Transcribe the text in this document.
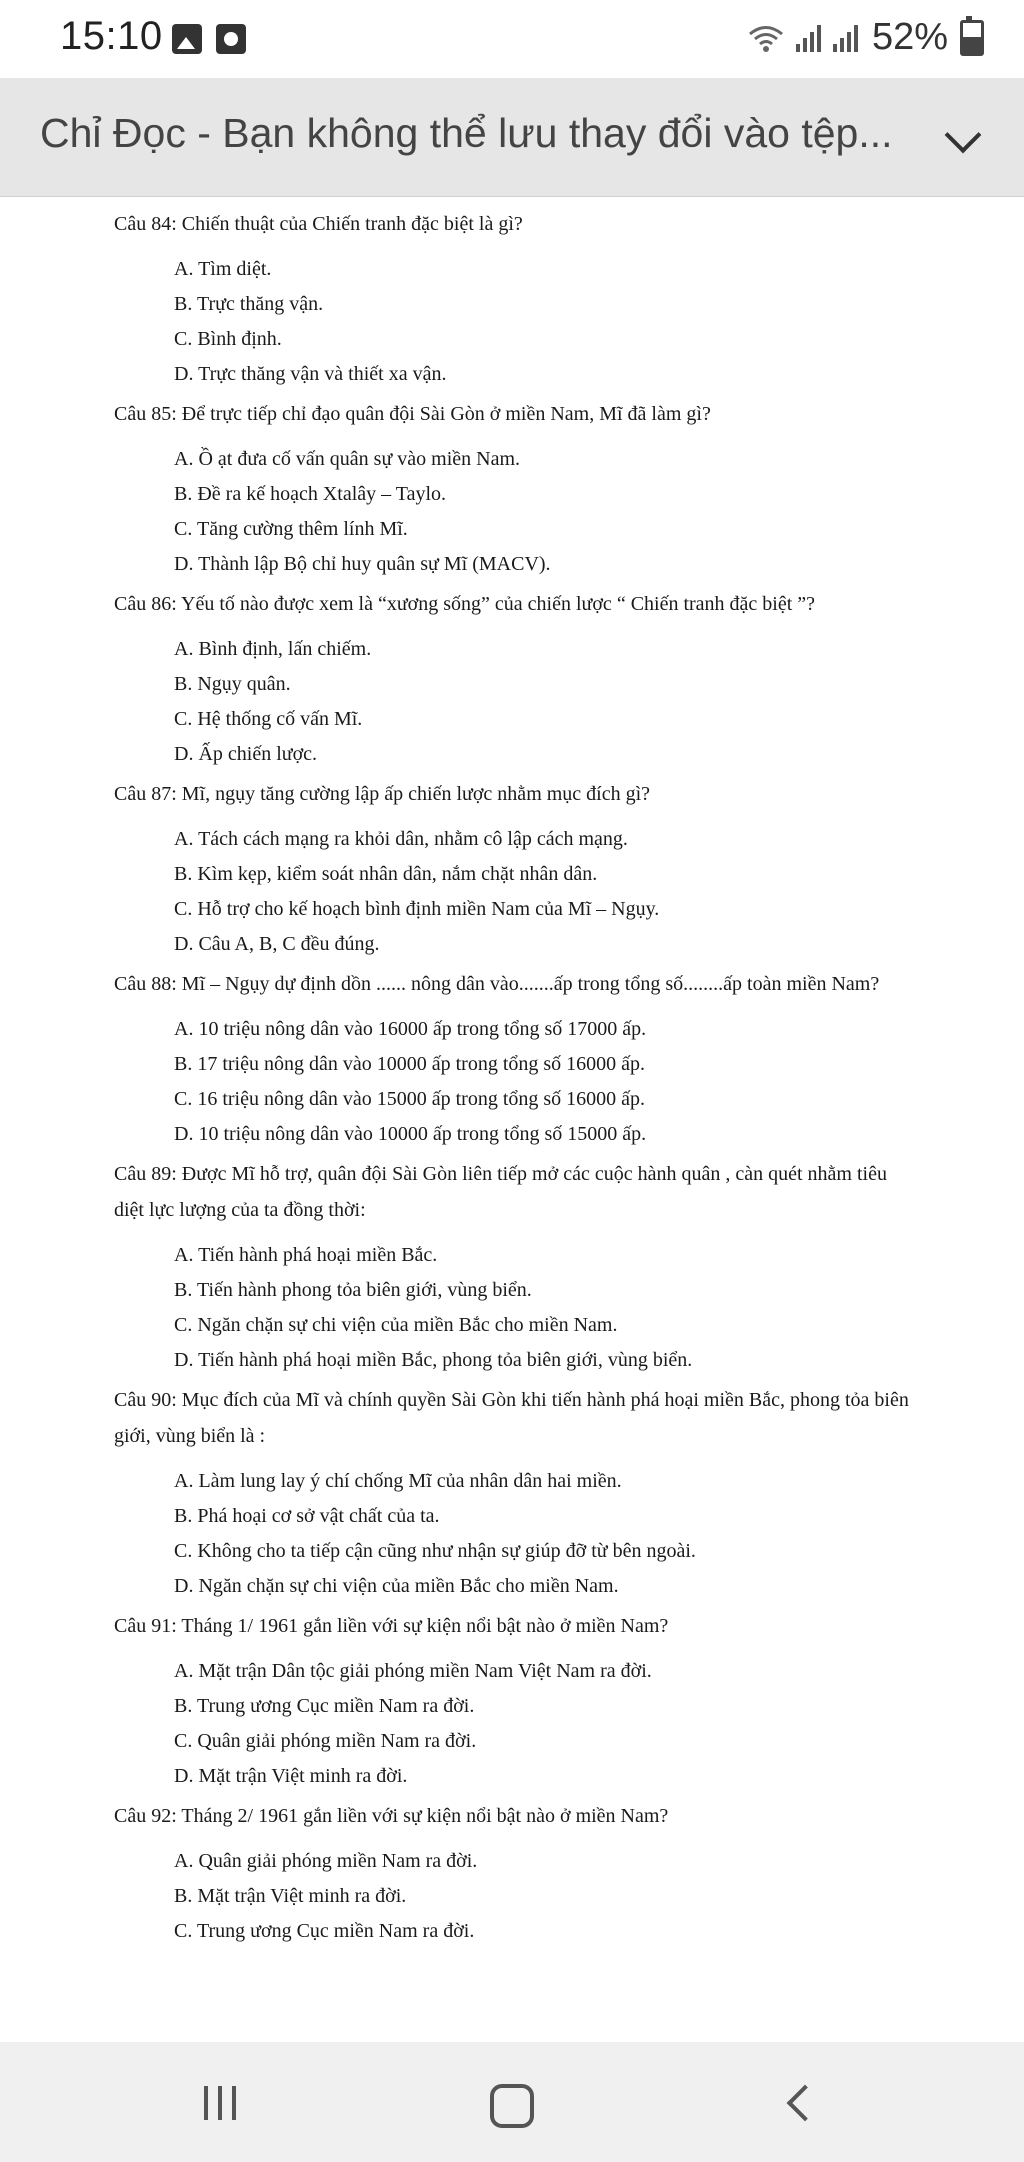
15:10	52%
Chỉ Đọc - Bạn không thể lưu thay đổi vào tệp...

Câu 84: Chiến thuật của Chiến tranh đặc biệt là gì?

A. Tìm diệt.

B. Trực thăng vận.

C. Bình định.

D. Trực thăng vận và thiết xa vận.

Câu 85: Để trực tiếp chỉ đạo quân đội Sài Gòn ở miền Nam, Mĩ đã làm gì?

A. Ồ ạt đưa cố vấn quân sự vào miền Nam.

B. Đề ra kế hoạch Xtalây – Taylo.

C. Tăng cường thêm lính Mĩ.

D. Thành lập Bộ chỉ huy quân sự Mĩ (MACV).

Câu 86: Yếu tố nào được xem là “xương sống” của chiến lược “ Chiến tranh đặc biệt ”?

A. Bình định, lấn chiếm.

B. Ngụy quân.

C. Hệ thống cố vấn Mĩ.

D. Ấp chiến lược.

Câu 87: Mĩ, ngụy tăng cường lập ấp chiến lược nhằm mục đích gì?

A. Tách cách mạng ra khỏi dân, nhằm cô lập cách mạng.

B. Kìm kẹp, kiểm soát nhân dân, nắm chặt nhân dân.

C. Hỗ trợ cho kế hoạch bình định miền Nam của Mĩ – Ngụy.

D. Câu A, B, C đều đúng.

Câu 88: Mĩ – Ngụy dự định dồn ...... nông dân vào.......ấp trong tổng số........ấp toàn miền Nam?

A. 10 triệu nông dân vào 16000 ấp trong tổng số 17000 ấp.

B. 17 triệu nông dân vào 10000 ấp trong tổng số 16000 ấp.

C. 16 triệu nông dân vào 15000 ấp trong tổng số 16000 ấp.

D. 10 triệu nông dân vào 10000 ấp trong tổng số 15000 ấp.

Câu 89: Được Mĩ hỗ trợ, quân đội Sài Gòn liên tiếp mở các cuộc hành quân , càn quét nhằm tiêu diệt lực lượng của ta đồng thời:

A. Tiến hành phá hoại miền Bắc.

B. Tiến hành phong tỏa biên giới, vùng biển.

C. Ngăn chặn sự chi viện của miền Bắc cho miền Nam.

D. Tiến hành phá hoại miền Bắc, phong tỏa biên giới, vùng biển.

Câu 90: Mục đích của Mĩ và chính quyền Sài Gòn khi tiến hành phá hoại miền Bắc, phong tỏa biên giới, vùng biển là :

A. Làm lung lay ý chí chống Mĩ của nhân dân hai miền.

B. Phá hoại cơ sở vật chất của ta.

C. Không cho ta tiếp cận cũng như nhận sự giúp đỡ từ bên ngoài.

D. Ngăn chặn sự chi viện của miền Bắc cho miền Nam.

Câu 91: Tháng 1/ 1961 gắn liền với sự kiện nổi bật nào ở miền Nam?

A. Mặt trận Dân tộc giải phóng miền Nam Việt Nam ra đời.

B. Trung ương Cục miền Nam ra đời.

C. Quân giải phóng miền Nam ra đời.

D. Mặt trận Việt minh ra đời.

Câu 92: Tháng 2/ 1961 gắn liền với sự kiện nổi bật nào ở miền Nam?

A. Quân giải phóng miền Nam ra đời.

B. Mặt trận Việt minh ra đời.

C. Trung ương Cục miền Nam ra đời.
